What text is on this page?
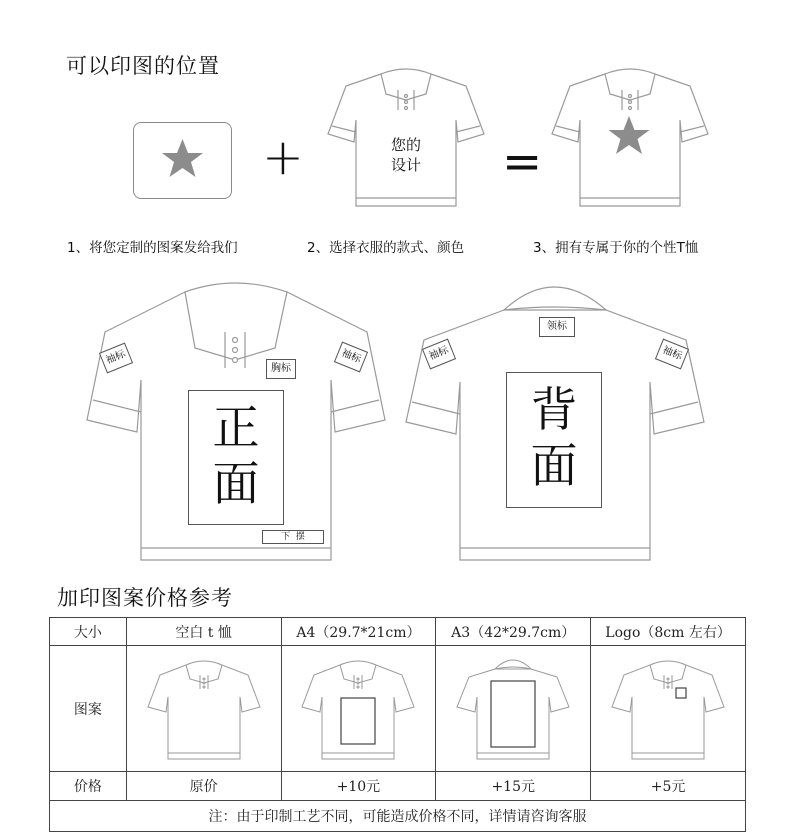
可以印图的位置
+	您的
设计 =
1、将您定制的图案发给我们	2、选择衣服的款式、颜色	3、拥有专属于你的个性T恤
袖标	袖标
胸标
正
面
下  摆
领标
袖标	袖标
背
面
加印图案价格参考
大小	空白 t 恤	A4（29.7*21cm）	A3（42*29.7cm）	Logo（8cm 左右）
图案	

价格	原价	+10元	+15元	+5元
注：由于印制工艺不同，可能造成价格不同，详情请咨询客服				
